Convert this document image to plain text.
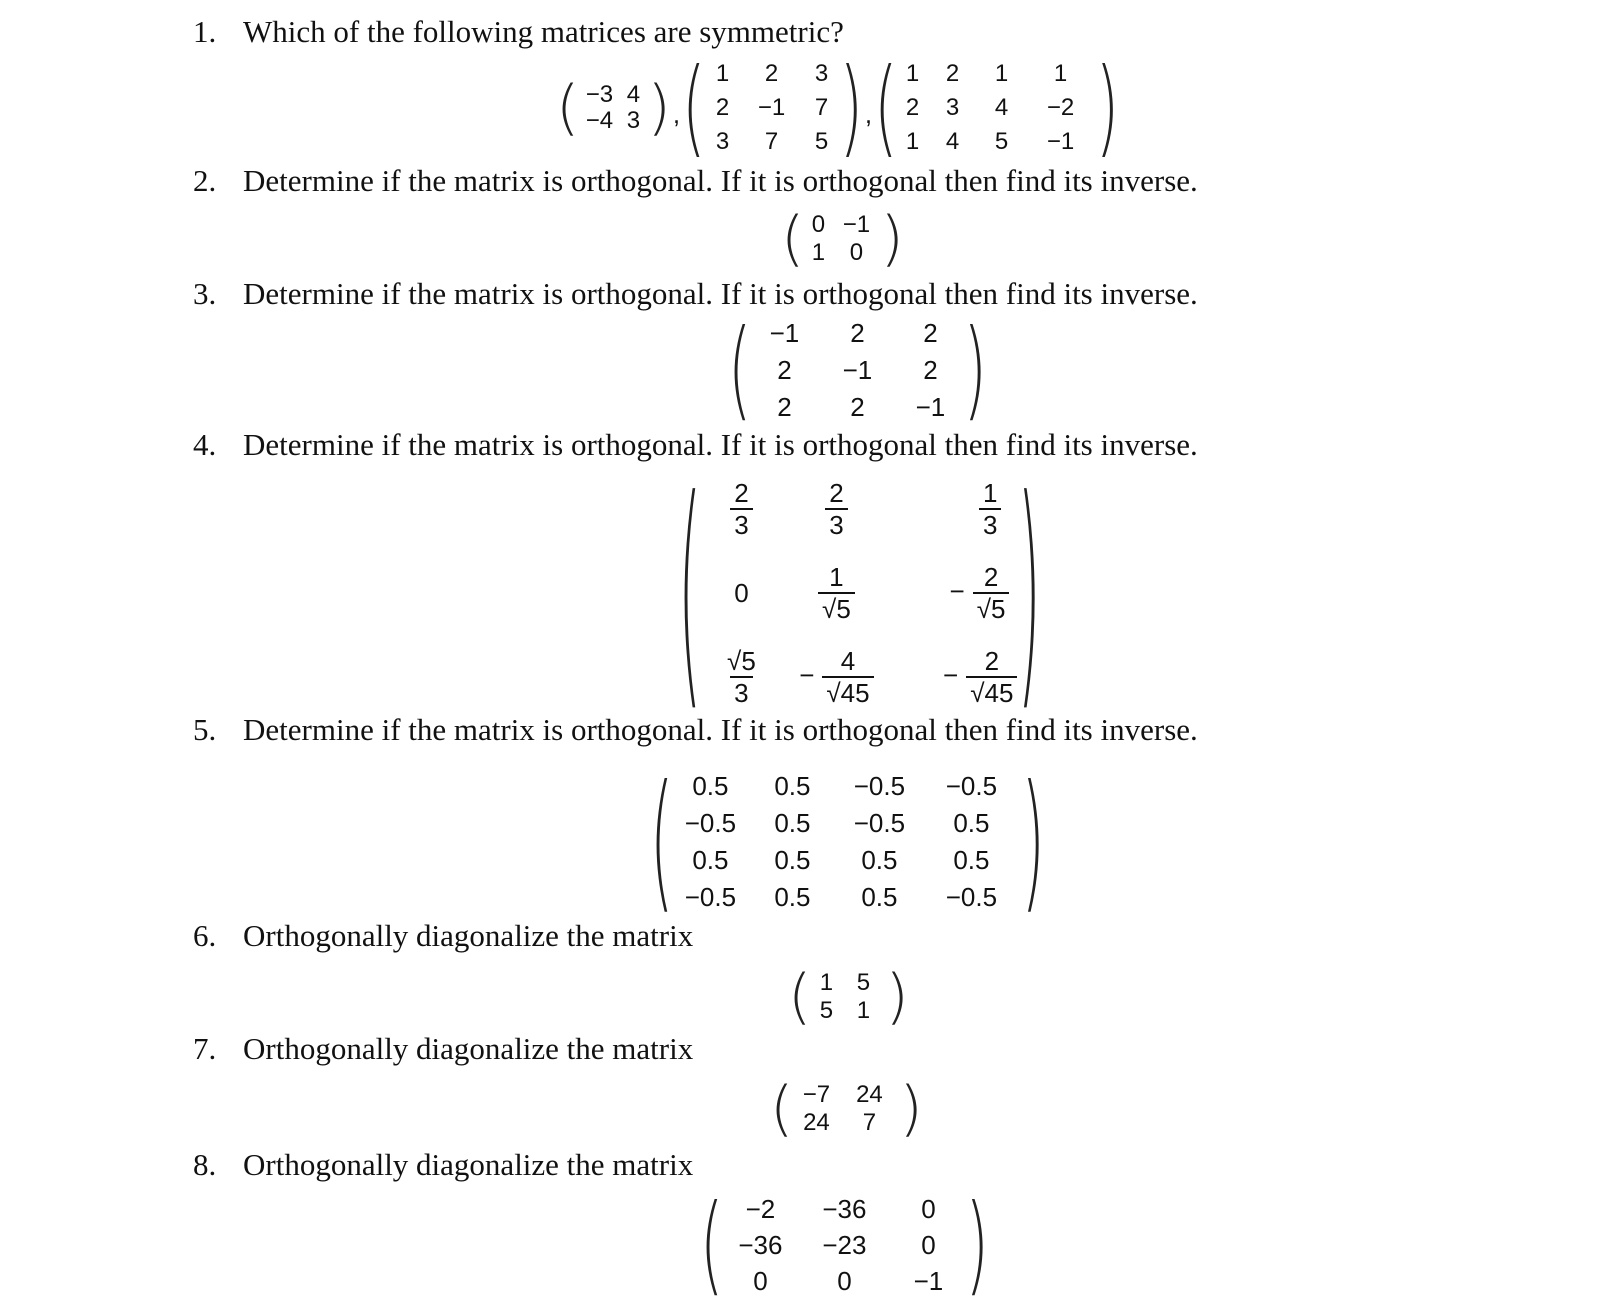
1. Which of the following matrices are symmetric?
( −3	4
−4	3 ) , ( 1	2	3
2	−1	7
3	7	5 ) , ( 1	2	1	1
2	3	4	−2
1	4	5	−1 )
2. Determine if the matrix is orthogonal. If it is orthogonal then find its inverse.
( 0	−1
1	0 )
3. Determine if the matrix is orthogonal. If it is orthogonal then find its inverse.
( −1	2	2
2	−1	2
2	2	−1 )
4. Determine if the matrix is orthogonal. If it is orthogonal then find its inverse.
( $\frac{2}{3}$	$\frac{2}{3}$	$\frac{1}{3}$

0	$\frac{1}{√5}$	− $\frac{2}{√5}$

$\frac{√5}{3}$	− $\frac{4}{√45}$	− $\frac{2}{√45}$ )
5. Determine if the matrix is orthogonal. If it is orthogonal then find its inverse.
( 0.5	0.5	−0.5	−0.5
−0.5	0.5	−0.5	0.5
0.5	0.5	0.5	0.5
−0.5	0.5	0.5	−0.5 )
6. Orthogonally diagonalize the matrix
( 1	5
5	1 )
7. Orthogonally diagonalize the matrix
( −7	24
24	7 )
8. Orthogonally diagonalize the matrix
( −2	−36	0
−36	−23	0
0	0	−1 )
